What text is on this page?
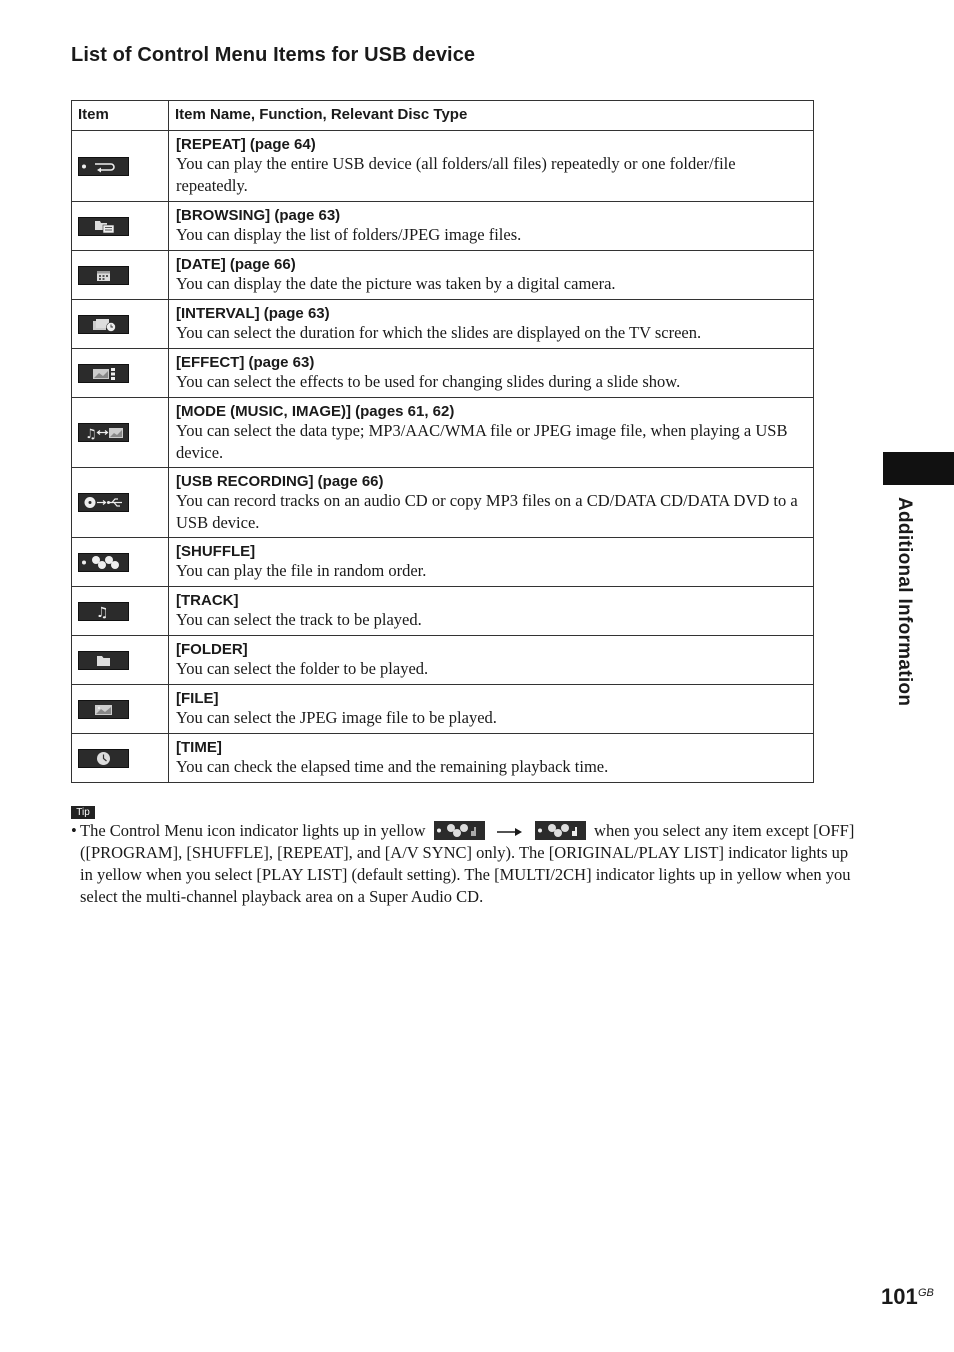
List of Control Menu Items for USB device
Item	Item Name, Function, Relevant Disc Type

[REPEAT] (page 64)
You can play the entire USB device (all folders/all files) repeatedly or one folder/file repeatedly.

[BROWSING] (page 63)
You can display the list of folders/JPEG image files.

[DATE] (page 66)
You can display the date the picture was taken by a digital camera.

[INTERVAL] (page 63)
You can select the duration for which the slides are displayed on the TV screen.

[EFFECT] (page 63)
You can select the effects to be used for changing slides during a slide show.

♫	[MODE (MUSIC, IMAGE)] (pages 61, 62)
You can select the data type; MP3/AAC/WMA file or JPEG image file, when playing a USB device.

[USB RECORDING] (page 66)
You can record tracks on an audio CD or copy MP3 files on a CD/DATA CD/DATA DVD to a USB device.

[SHUFFLE]
You can play the file in random order.

♫	[TRACK]
You can select the track to be played.

[FOLDER]
You can select the folder to be played.

[FILE]
You can select the JPEG image file to be played.

[TIME]
You can check the elapsed time and the remaining playback time.
Additional Information
Tip
• The Control Menu icon indicator lights up in yellow	when you select any item except [OFF] ([PROGRAM], [SHUFFLE], [REPEAT], and [A/V SYNC] only). The [ORIGINAL/PLAY LIST] indicator lights up in yellow when you select [PLAY LIST] (default setting). The [MULTI/2CH] indicator lights up in yellow when you select the multi-channel playback area on a Super Audio CD.
101 GB
